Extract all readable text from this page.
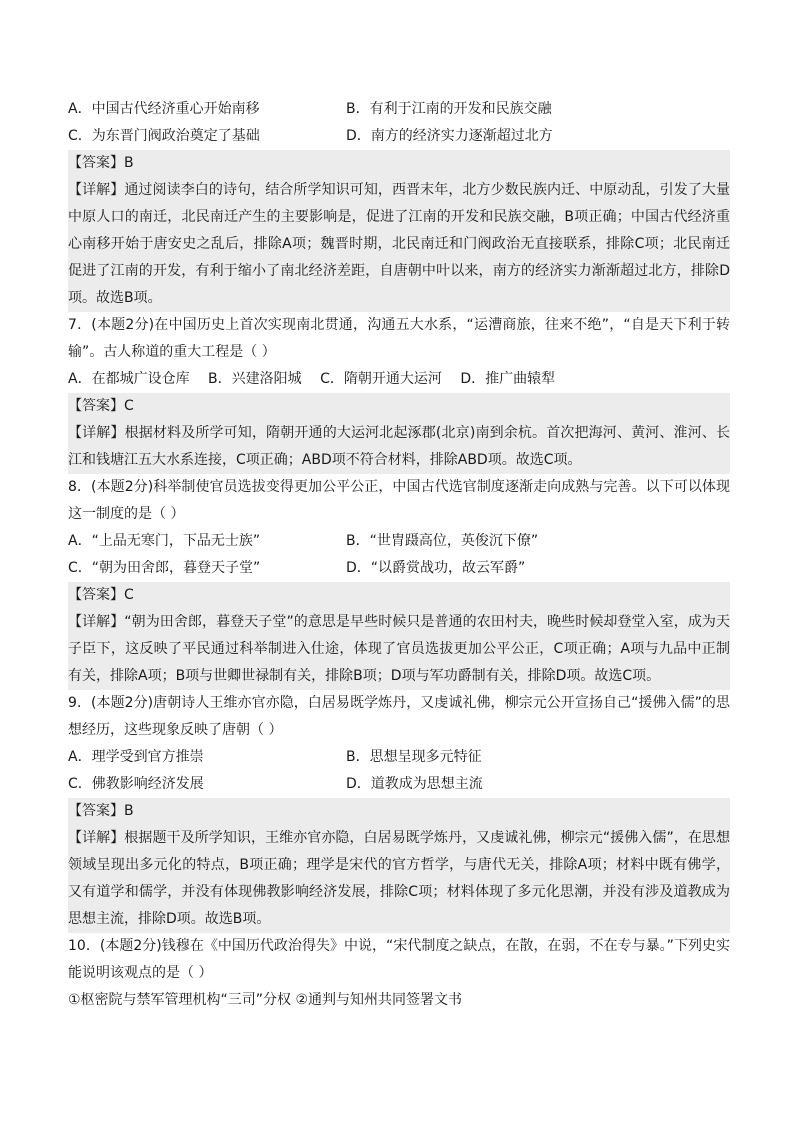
A．中国古代经济重心开始南移	B．有利于江南的开发和民族交融
C．为东晋门阀政治奠定了基础	D．南方的经济实力逐渐超过北方
【答案】B
【详解】通过阅读李白的诗句，结合所学知识可知，西晋末年，北方少数民族内迁、中原动乱，引发了大量中原人口的南迁，北民南迁产生的主要影响是，促进了江南的开发和民族交融，B项正确；中国古代经济重心南移开始于唐安史之乱后，排除A项；魏晋时期，北民南迁和门阀政治无直接联系，排除C项；北民南迁促进了江南的开发，有利于缩小了南北经济差距，自唐朝中叶以来，南方的经济实力渐渐超过北方，排除D项。故选B项。
7．(本题2分)在中国历史上首次实现南北贯通，沟通五大水系，“运漕商旅，往来不绝”，“自是天下利于转输”。古人称道的重大工程是（ ）
A．在都城广设仓库 B．兴建洛阳城 C．隋朝开通大运河 D．推广曲辕犁
【答案】C
【详解】根据材料及所学可知，隋朝开通的大运河北起涿郡(北京)南到余杭。首次把海河、黄河、淮河、长江和钱塘江五大水系连接，C项正确；ABD项不符合材料，排除ABD项。故选C项。
8．(本题2分)科举制使官员选拔变得更加公平公正，中国古代选官制度逐渐走向成熟与完善。以下可以体现这一制度的是（ ）
A．“上品无寒门，下品无士族”	B．“世胄蹑高位，英俊沉下僚”
C．“朝为田舍郎，暮登天子堂”	D．“以爵赏战功，故云军爵”
【答案】C
【详解】“朝为田舍郎，暮登天子堂”的意思是早些时候只是普通的农田村夫，晚些时候却登堂入室，成为天子臣下，这反映了平民通过科举制进入仕途，体现了官员选拔更加公平公正，C项正确；A项与九品中正制有关，排除A项；B项与世卿世禄制有关，排除B项；D项与军功爵制有关，排除D项。故选C项。
9．(本题2分)唐朝诗人王维亦官亦隐，白居易既学炼丹，又虔诚礼佛，柳宗元公开宣扬自己“援佛入儒”的思想经历，这些现象反映了唐朝（ ）
A．理学受到官方推崇	B．思想呈现多元特征
C．佛教影响经济发展	D．道教成为思想主流
【答案】B
【详解】根据题干及所学知识，王维亦官亦隐，白居易既学炼丹，又虔诚礼佛，柳宗元“援佛入儒”，在思想领域呈现出多元化的特点，B项正确；理学是宋代的官方哲学，与唐代无关，排除A项；材料中既有佛学，又有道学和儒学，并没有体现佛教影响经济发展，排除C项；材料体现了多元化思潮，并没有涉及道教成为思想主流，排除D项。故选B项。
10．(本题2分)钱穆在《中国历代政治得失》中说，“宋代制度之缺点，在散，在弱，不在专与暴。”下列史实能说明该观点的是（ ）
①枢密院与禁军管理机构“三司”分权 ②通判与知州共同签署文书
